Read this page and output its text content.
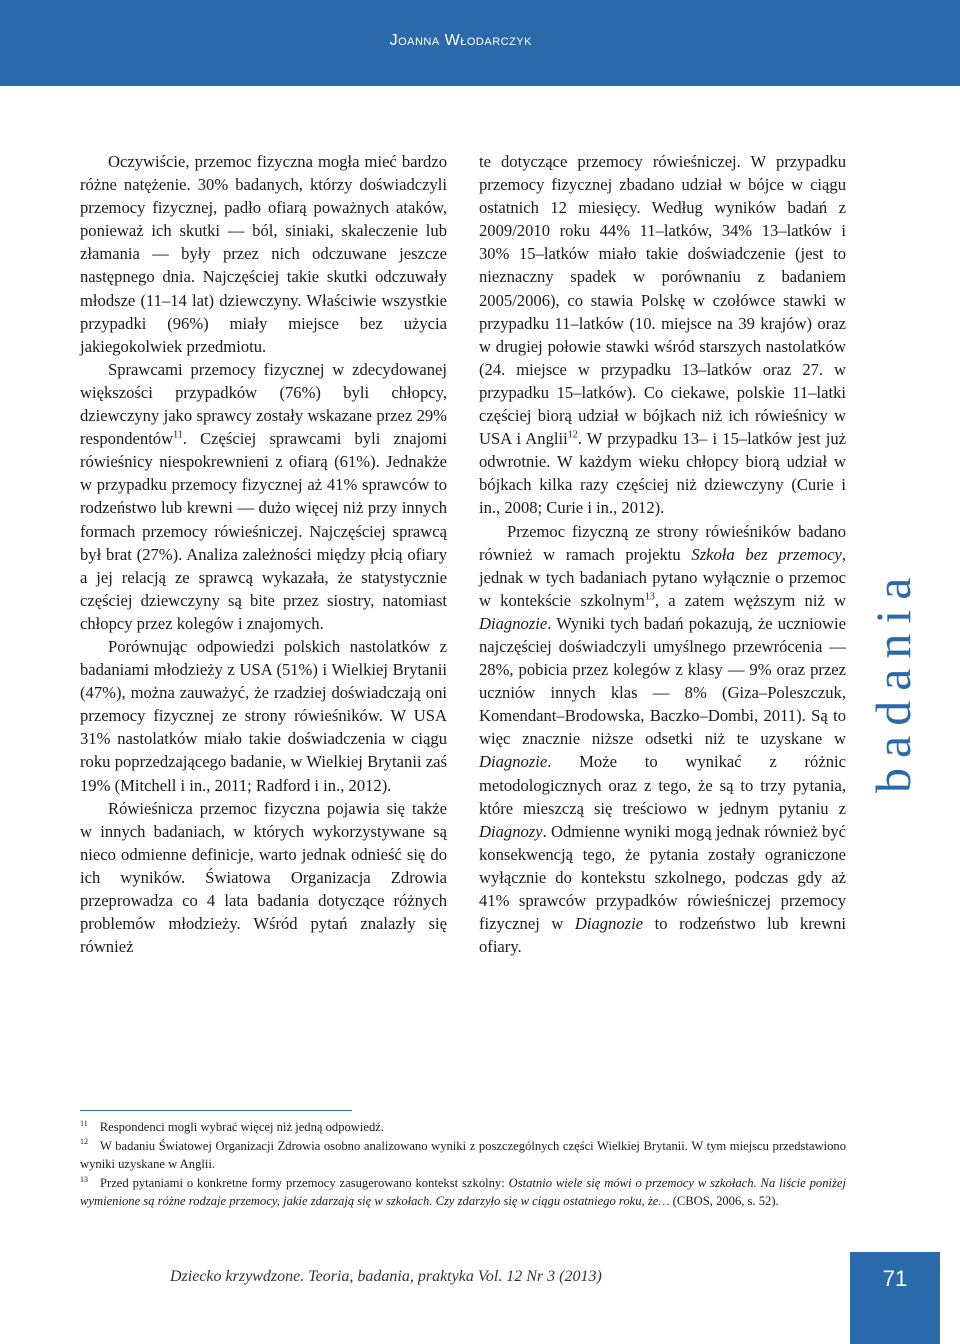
Joanna Włodarczyk

Oczywiście, przemoc fizyczna mogła mieć bardzo różne natężenie. 30% badanych, którzy doświadczyli przemocy fizycznej, padło ofiarą poważnych ataków, ponieważ ich skutki — ból, siniaki, skaleczenie lub złamania — były przez nich odczuwane jeszcze następnego dnia. Najczęściej takie skutki odczuwały młodsze (11–14 lat) dziewczyny. Właściwie wszystkie przypadki (96%) miały miejsce bez użycia jakiegokolwiek przedmiotu.

Sprawcami przemocy fizycznej w zdecydowanej większości przypadków (76%) byli chłopcy, dziewczyny jako sprawcy zostały wskazane przez 29% respondentów$^{11}$. Częściej sprawcami byli znajomi rówieśnicy niespokrewnieni z ofiarą (61%). Jednakże w przypadku przemocy fizycznej aż 41% sprawców to rodzeństwo lub krewni — dużo więcej niż przy innych formach przemocy rówieśniczej. Najczęściej sprawcą był brat (27%). Analiza zależności między płcią ofiary a jej relacją ze sprawcą wykazała, że statystycznie częściej dziewczyny są bite przez siostry, natomiast chłopcy przez kolegów i znajomych.

Porównując odpowiedzi polskich nastolatków z badaniami młodzieży z USA (51%) i Wielkiej Brytanii (47%), można zauważyć, że rzadziej doświadczają oni przemocy fizycznej ze strony rówieśników. W USA 31% nastolatków miało takie doświadczenia w ciągu roku poprzedzającego badanie, w Wielkiej Brytanii zaś 19% (Mitchell i in., 2011; Radford i in., 2012).

Rówieśnicza przemoc fizyczna pojawia się także w innych badaniach, w których wykorzystywane są nieco odmienne definicje, warto jednak odnieść się do ich wyników. Światowa Organizacja Zdrowia przeprowadza co 4 lata badania dotyczące różnych problemów młodzieży. Wśród pytań znalazły się również

te dotyczące przemocy rówieśniczej. W przypadku przemocy fizycznej zbadano udział w bójce w ciągu ostatnich 12 miesięcy. Według wyników badań z 2009/2010 roku 44% 11–latków, 34% 13–latków i 30% 15–latków miało takie doświadczenie (jest to nieznaczny spadek w porównaniu z badaniem 2005/2006), co stawia Polskę w czołówce stawki w przypadku 11–latków (10. miejsce na 39 krajów) oraz w drugiej połowie stawki wśród starszych nastolatków (24. miejsce w przypadku 13–latków oraz 27. w przypadku 15–latków). Co ciekawe, polskie 11–latki częściej biorą udział w bójkach niż ich rówieśnicy w USA i Anglii$^{12}$. W przypadku 13– i 15–latków jest już odwrotnie. W każdym wieku chłopcy biorą udział w bójkach kilka razy częściej niż dziewczyny (Curie i in., 2008; Curie i in., 2012).

Przemoc fizyczną ze strony rówieśników badano również w ramach projektu Szkoła bez przemocy, jednak w tych badaniach pytano wyłącznie o przemoc w kontekście szkolnym$^{13}$, a zatem węższym niż w Diagnozie. Wyniki tych badań pokazują, że uczniowie najczęściej doświadczyli umyślnego przewrócenia — 28%, pobicia przez kolegów z klasy — 9% oraz przez uczniów innych klas — 8% (Giza–Poleszczuk, Komendant–Brodowska, Baczko–Dombi, 2011). Są to więc znacznie niższe odsetki niż te uzyskane w Diagnozie. Może to wynikać z różnic metodologicznych oraz z tego, że są to trzy pytania, które mieszczą się treściowo w jednym pytaniu z Diagnozy. Odmienne wyniki mogą jednak również być konsekwencją tego, że pytania zostały ograniczone wyłącznie do kontekstu szkolnego, podczas gdy aż 41% sprawców przypadków rówieśniczej przemocy fizycznej w Diagnozie to rodzeństwo lub krewni ofiary.

badania

$^{11}$ Respondenci mogli wybrać więcej niż jedną odpowiedź.

$^{12}$ W badaniu Światowej Organizacji Zdrowia osobno analizowano wyniki z poszczególnych części Wielkiej Brytanii. W tym miejscu przedstawiono wyniki uzyskane w Anglii.

$^{13}$ Przed pytaniami o konkretne formy przemocy zasugerowano kontekst szkolny: Ostatnio wiele się mówi o przemocy w szkołach. Na liście poniżej wymienione są różne rodzaje przemocy, jakie zdarzają się w szkołach. Czy zdarzyło się w ciągu ostatniego roku, że… (CBOS, 2006, s. 52).

Dziecko krzywdzone. Teoria, badania, praktyka Vol. 12 Nr 3 (2013)	71
